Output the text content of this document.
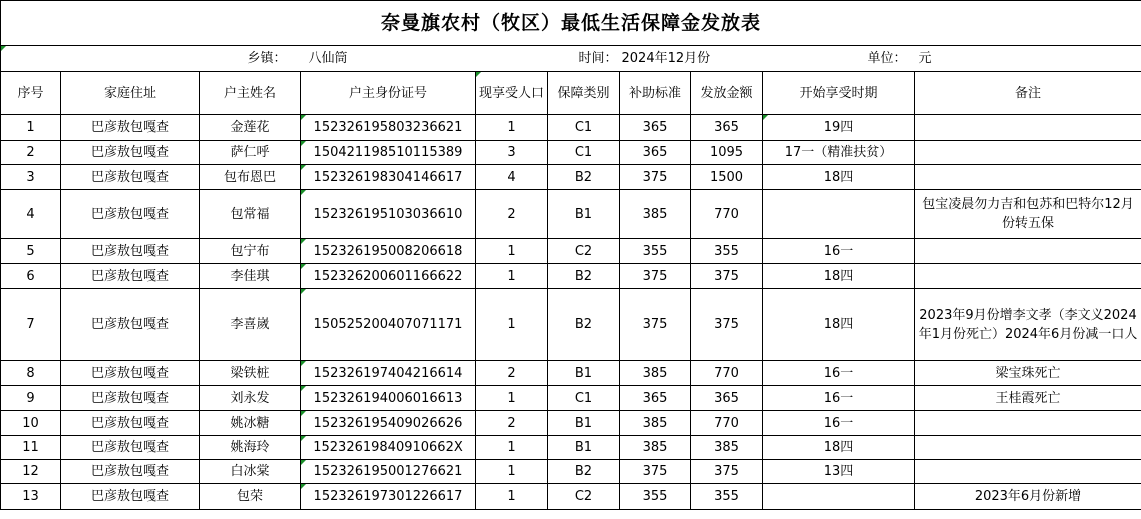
奈曼旗农村（牧区）最低生活保障金发放表									
	乡镇：		八仙筒		时间：	2024年12月份		单位：	元
序号	家庭住址	户主姓名	户主身份证号	现享受人口	保障类别	补助标准	发放金额	开始享受时期	备注
1	巴彦敖包嘎查	金莲花	152326195803236621	1	C1	365	365	19四	
2	巴彦敖包嘎查	萨仁呼	150421198510115389	3	C1	365	1095	17一（精准扶贫）	
3	巴彦敖包嘎查	包布恩巴	152326198304146617	4	B2	375	1500	18四	
4	巴彦敖包嘎查	包常福	152326195103036610	2	B1	385	770		包宝凌晨勿力吉和包苏和巴特尔12月份转五保
5	巴彦敖包嘎查	包宁布	152326195008206618	1	C2	355	355	16一	
6	巴彦敖包嘎查	李佳琪	152326200601166622	1	B2	375	375	18四	
7	巴彦敖包嘎查	李喜嵗	150525200407071171	1	B2	375	375	18四	2023年9月份增李文孝（李文义2024年1月份死亡）2024年6月份减一口人
8	巴彦敖包嘎查	梁铁桩	152326197404216614	2	B1	385	770	16一	梁宝珠死亡
9	巴彦敖包嘎查	刘永发	152326194006016613	1	C1	365	365	16一	王桂霞死亡
10	巴彦敖包嘎查	姚冰糖	152326195409026626	2	B1	385	770	16一	
11	巴彦敖包嘎查	姚海玲	15232619840910662X	1	B1	385	385	18四	
12	巴彦敖包嘎查	白冰棠	152326195001276621	1	B2	375	375	13四	
13	巴彦敖包嘎查	包荣	152326197301226617	1	C2	355	355		2023年6月份新增
